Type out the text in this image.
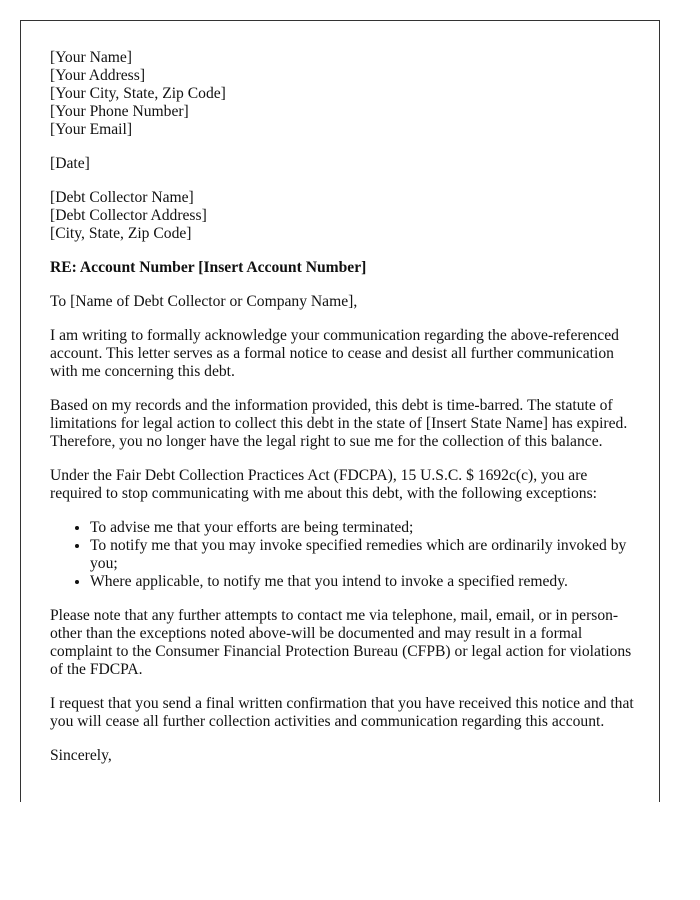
[Your Name]
[Your Address]
[Your City, State, Zip Code]
[Your Phone Number]
[Your Email]
[Date]
[Debt Collector Name]
[Debt Collector Address]
[City, State, Zip Code]

RE: Account Number [Insert Account Number]

To [Name of Debt Collector or Company Name],

I am writing to formally acknowledge your communication regarding the above-referenced account. This letter serves as a formal notice to cease and desist all further communication with me concerning this debt.

Based on my records and the information provided, this debt is time-barred. The statute of limitations for legal action to collect this debt in the state of [Insert State Name] has expired. Therefore, you no longer have the legal right to sue me for the collection of this balance.

Under the Fair Debt Collection Practices Act (FDCPA), 15 U.S.C. $ 1692c(c), you are required to stop communicating with me about this debt, with the following exceptions:

• To advise me that your efforts are being terminated;
• To notify me that you may invoke specified remedies which are ordinarily invoked by you;
• Where applicable, to notify me that you intend to invoke a specified remedy.

Please note that any further attempts to contact me via telephone, mail, email, or in person-other than the exceptions noted above-will be documented and may result in a formal complaint to the Consumer Financial Protection Bureau (CFPB) or legal action for violations of the FDCPA.

I request that you send a final written confirmation that you have received this notice and that you will cease all further collection activities and communication regarding this account.

Sincerely,
